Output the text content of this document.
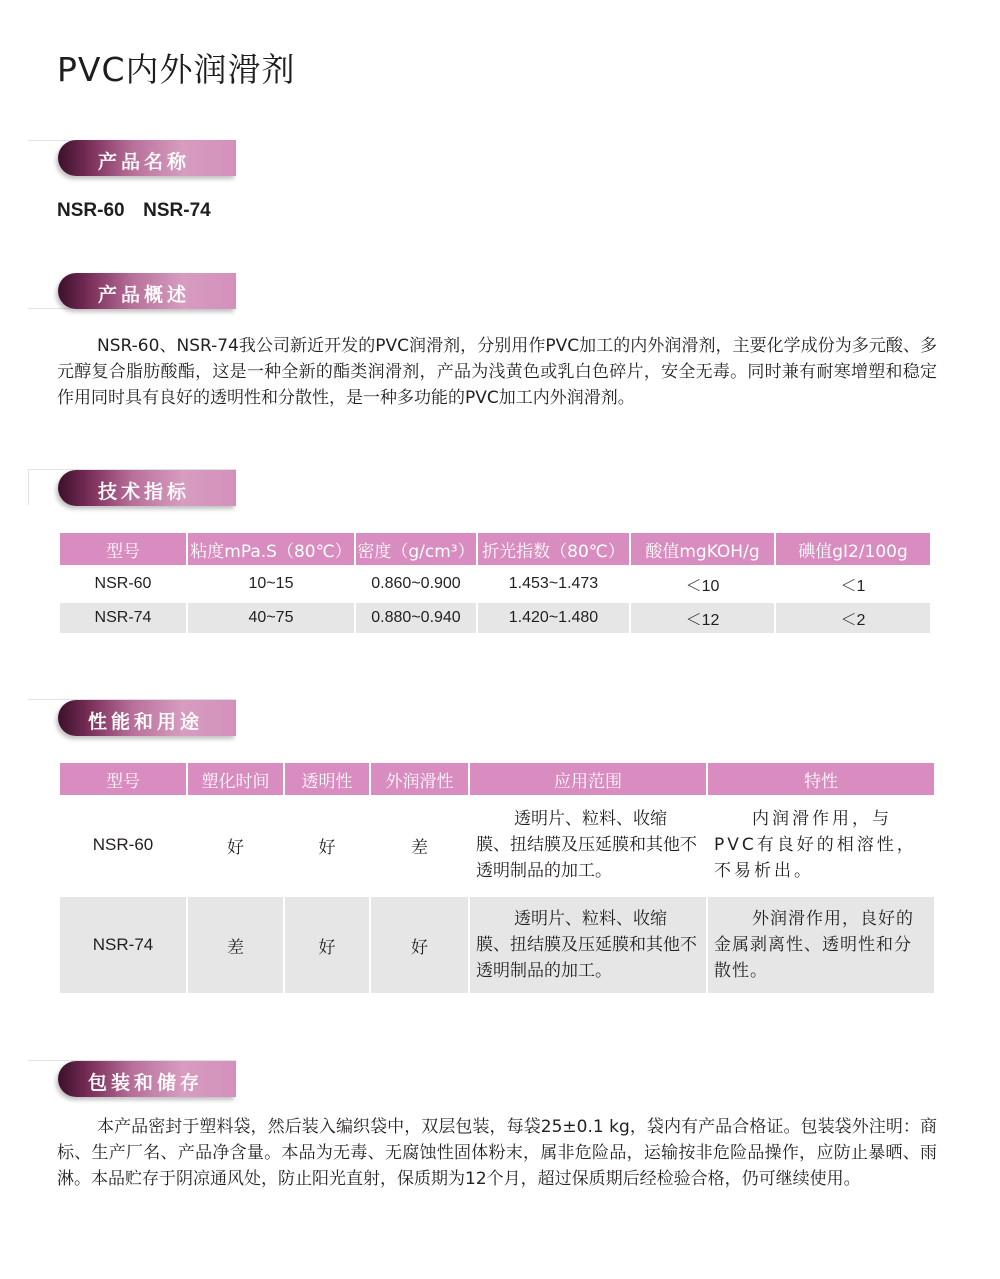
PVC内外润滑剂
产品名称
NSR-60  NSR-74
产品概述
NSR-60、NSR-74我公司新近开发的PVC润滑剂，分别用作PVC加工的内外润滑剂，主要化学成份为多元酸、多元醇复合脂肪酸酯，这是一种全新的酯类润滑剂，产品为浅黄色或乳白色碎片，安全无毒。同时兼有耐寒增塑和稳定作用同时具有良好的透明性和分散性，是一种多功能的PVC加工内外润滑剂。
技术指标
型号	粘度mPa.S（80℃）	密度（g/cm³）	折光指数（80℃）	酸值mgKOH/g	碘值gI2/100g
NSR-60	10~15	0.860~0.900	1.453~1.473	＜10	＜1
NSR-74	40~75	0.880~0.940	1.420~1.480	＜12	＜2
性能和用途
型号	塑化时间	透明性	外润滑性	应用范围	特性
NSR-60	好	好	差	透明片、粒料、收缩膜、扭结膜及压延膜和其他不透明制品的加工。	内润滑作用，与PVC有良好的相溶性，不易析出。

NSR-74	差	好	好	透明片、粒料、收缩膜、扭结膜及压延膜和其他不透明制品的加工。	外润滑作用，良好的金属剥离性、透明性和分散性。
包装和储存
本产品密封于塑料袋，然后装入编织袋中，双层包装，每袋25±0.1 kg，袋内有产品合格证。包装袋外注明：商标、生产厂名、产品净含量。本品为无毒、无腐蚀性固体粉末，属非危险品，运输按非危险品操作，应防止暴晒、雨淋。本品贮存于阴凉通风处，防止阳光直射，保质期为12个月，超过保质期后经检验合格，仍可继续使用。
